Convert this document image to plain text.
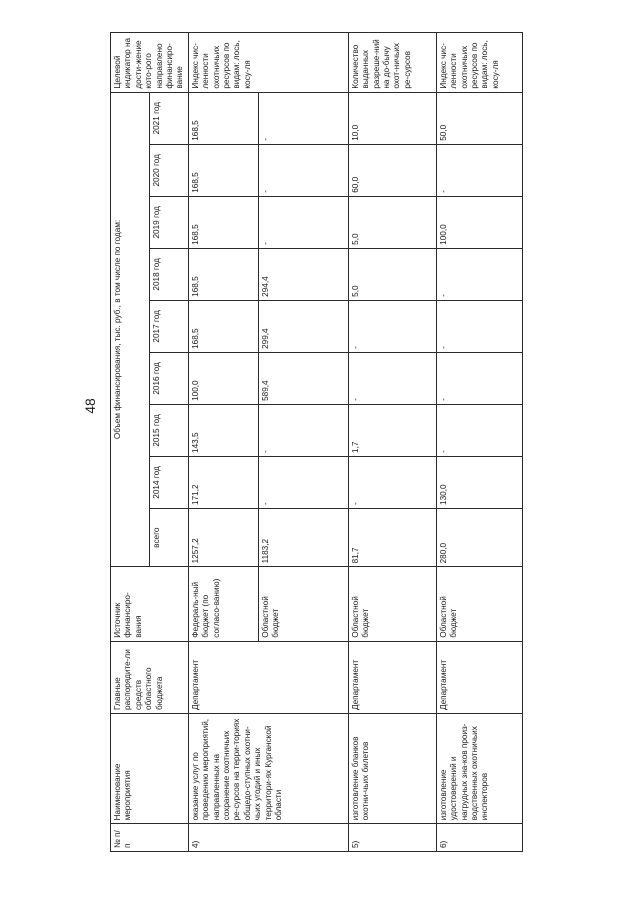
48
№ п/п	Наименование мероприятия	Главные распорядите-ли средств областного бюджета	Источник финансиро-вания	Объем финансирования, тыс. руб., в том числе по годам:									Целевой индикатор на дости-жение кото-рого направлено финансиро-вание
				всего	2014 год	2015 год	2016 год	2017 год	2018 год	2019 год	2020 год	2021 год	
4)	оказание услуг по проведению мероприятий, направленных на сохранение охотничьих ре-сурсов на терри-ториях общедо-ступных охотни-чьих угодий и иных территори-ях Курганской области	Департамент	Федераль-ный бюджет (по согласо-ванию)	1257,2	171,2	143,5	100,0	168,5	168,5	168,5	168,5	168,5	Индекс чис-ленности охотничьих ресурсов по видам: лось, косу-ля
			Областной бюджет	1183,2	-	-	589,4	299,4	294,4	-	-	-	
5)	изготовление бланков охотни-чьих билетов	Департамент	Областной бюджет	81,7	-	1,7	-	-	5,0	5,0	60,0	10,0	Количество выданных разреше-ний на до-бычу охот-ничьих ре-сурсов
6)	изготовление удостоверений и нагрудных зна-ков произ-водственных охотничьих инспекторов	Департамент	Областной бюджет	280,0	130,0	-	-	-	-	100,0	-	50,0	Индекс чис-ленности охотничьих ресурсов по видам: лось, косу-ля
